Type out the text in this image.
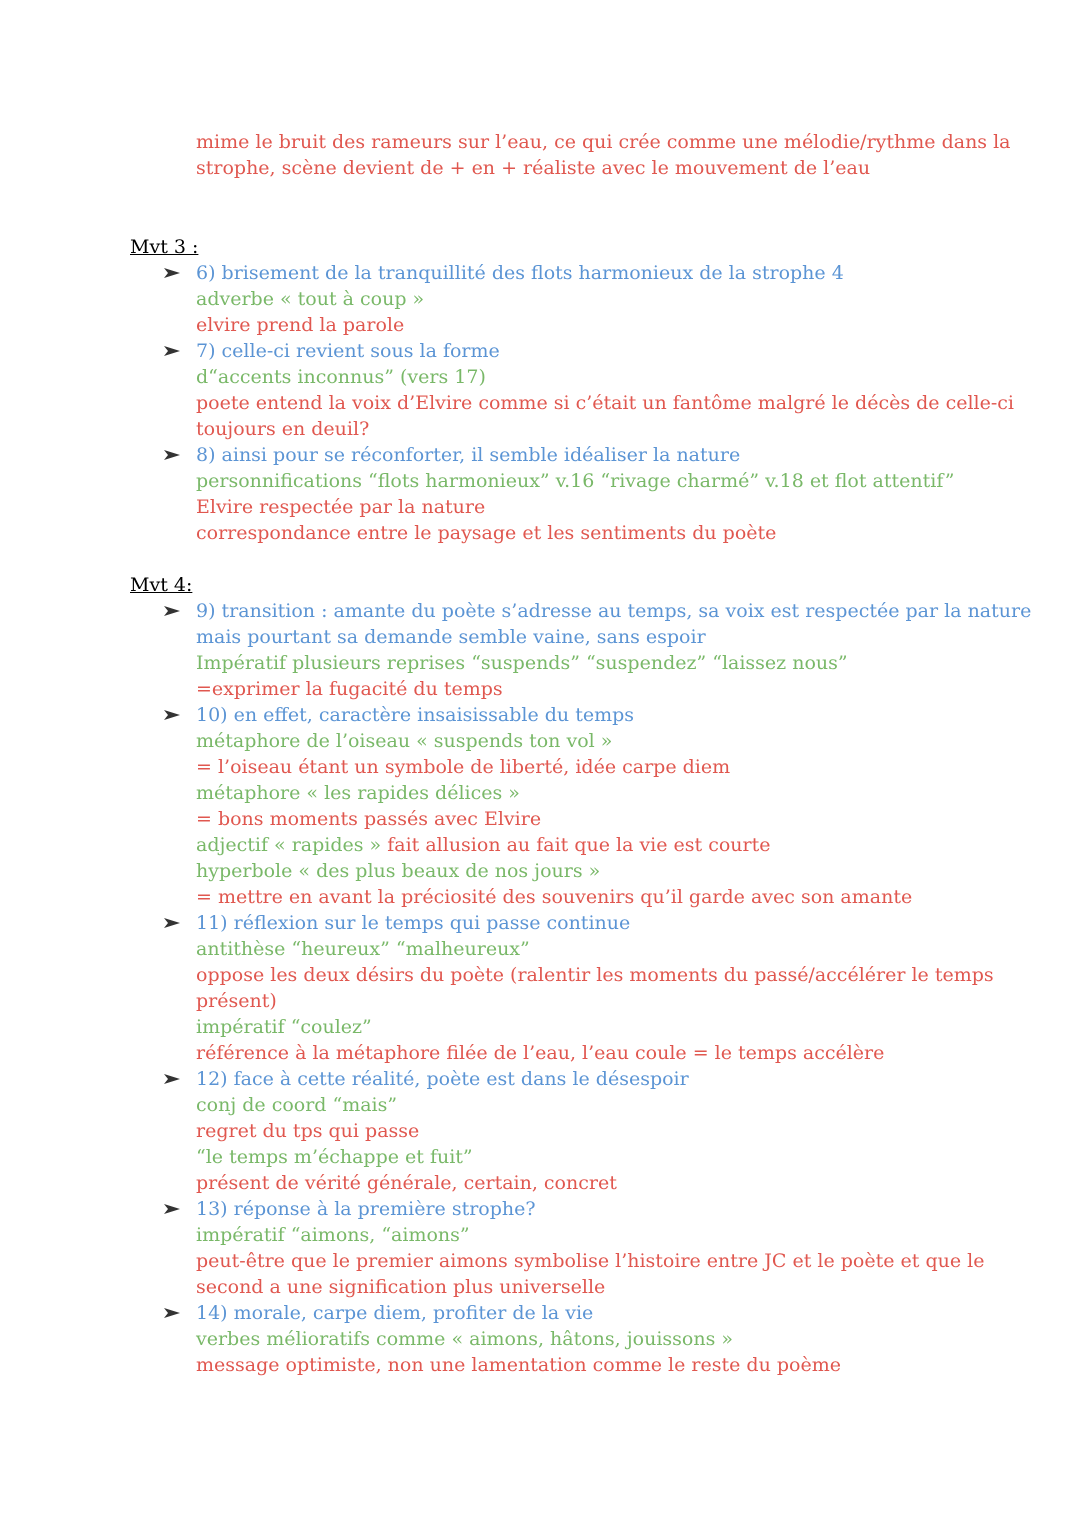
mime le bruit des rameurs sur l’eau, ce qui crée comme une mélodie/rythme dans la
strophe, scène devient de + en + réaliste avec le mouvement de l’eau
Mvt 3 :
6) brisement de la tranquillité des flots harmonieux de la strophe 4
adverbe « tout à coup »
elvire prend la parole
7) celle-ci revient sous la forme
d“accents inconnus” (vers 17)
poete entend la voix d’Elvire comme si c’était un fantôme malgré le décès de celle-ci
toujours en deuil?
8) ainsi pour se réconforter, il semble idéaliser la nature
personnifications “flots harmonieux” v.16 “rivage charmé” v.18 et flot attentif”
Elvire respectée par la nature
correspondance entre le paysage et les sentiments du poète
Mvt 4:
9) transition : amante du poète s’adresse au temps, sa voix est respectée par la nature
mais pourtant sa demande semble vaine, sans espoir
Impératif plusieurs reprises “suspends” “suspendez” “laissez nous”
=exprimer la fugacité du temps
10) en effet, caractère insaisissable du temps
métaphore de l’oiseau « suspends ton vol »
= l’oiseau étant un symbole de liberté, idée carpe diem
métaphore « les rapides délices »
= bons moments passés avec Elvire
adjectif « rapides » fait allusion au fait que la vie est courte
hyperbole « des plus beaux de nos jours »
= mettre en avant la préciosité des souvenirs qu’il garde avec son amante
11) réflexion sur le temps qui passe continue
antithèse “heureux” “malheureux”
oppose les deux désirs du poète (ralentir les moments du passé/accélérer le temps
présent)
impératif “coulez”
référence à la métaphore filée de l’eau, l’eau coule = le temps accélère
12) face à cette réalité, poète est dans le désespoir
conj de coord “mais”
regret du tps qui passe
“le temps m’échappe et fuit”
présent de vérité générale, certain, concret
13) réponse à la première strophe?
impératif “aimons, “aimons”
peut-être que le premier aimons symbolise l’histoire entre JC et le poète et que le
second a une signification plus universelle
14) morale, carpe diem, profiter de la vie
verbes mélioratifs comme « aimons, hâtons, jouissons »
message optimiste, non une lamentation comme le reste du poème
